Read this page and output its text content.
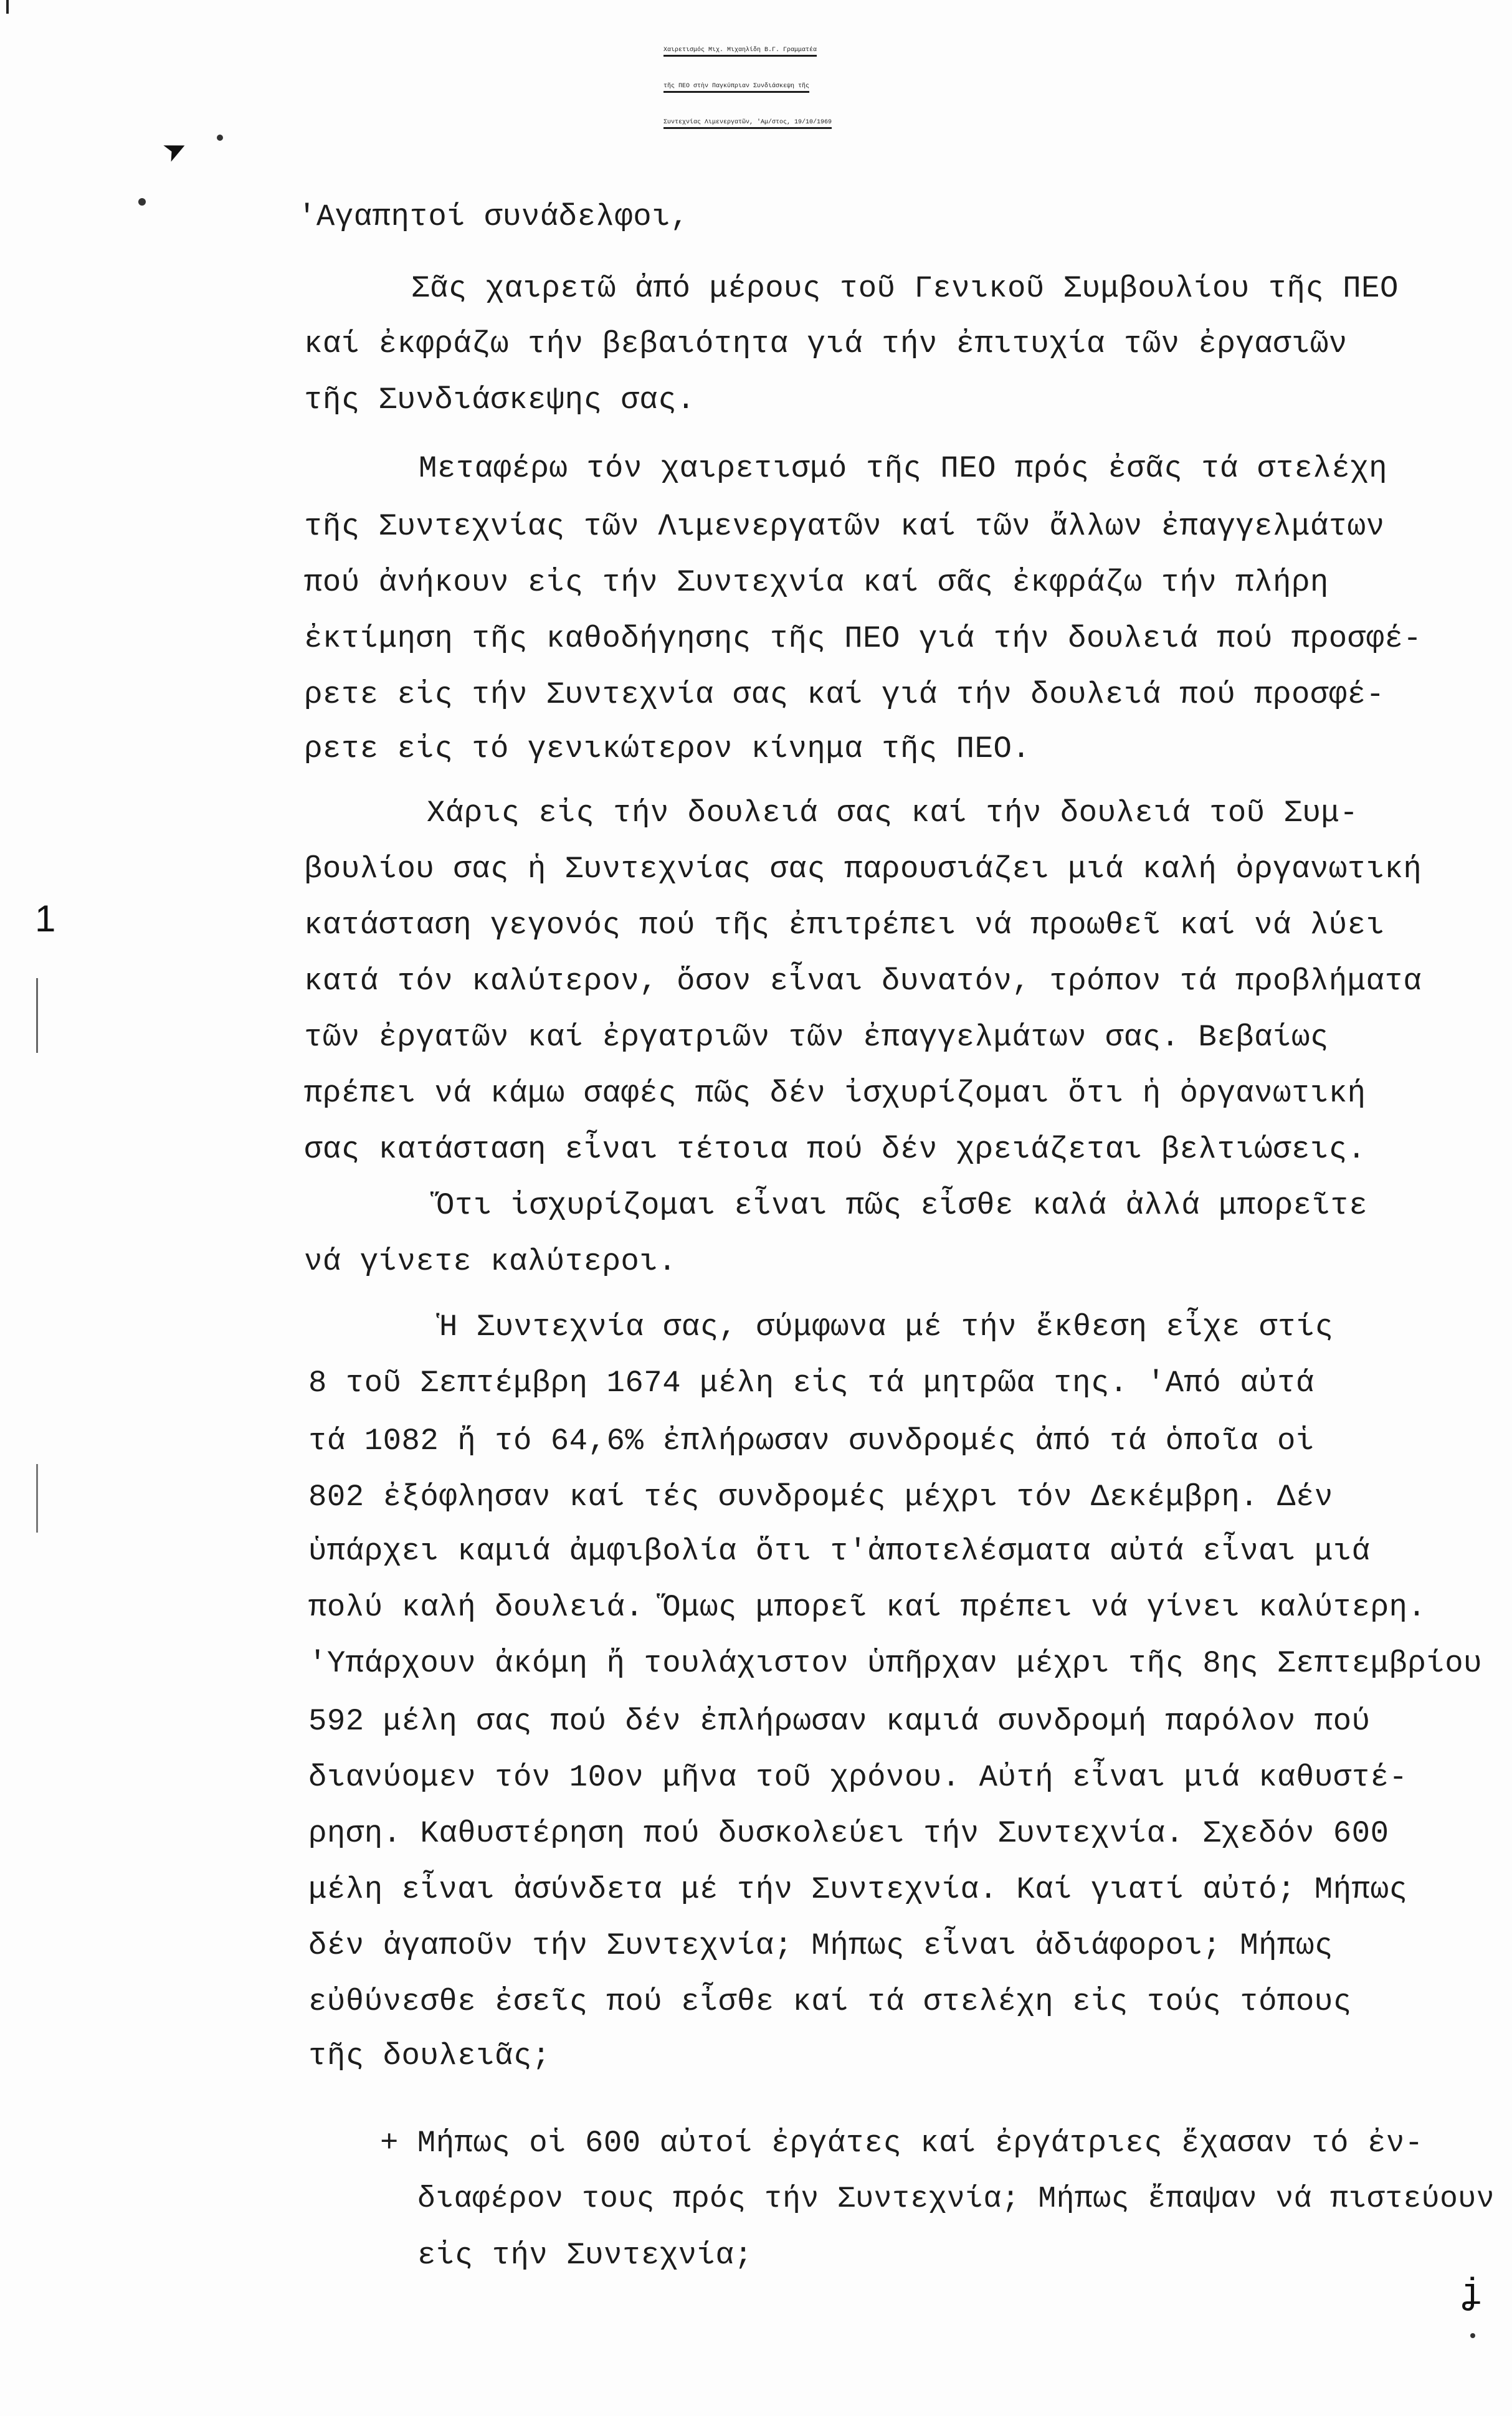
➤
1
ʝ
Χαιρετισμός Μιχ. Μιχαηλίδη Β.Γ. Γραμματέα
τῆς ΠΕΟ στὴν Παγκύπριαν Συνδιάσκεψη τῆς
Συντεχνίας Λιμενεργατῶν, 'Αμ/στος, 19/10/1969
'Αγαπητοί συνάδελφοι,
Σᾶς χαιρετῶ ἀπό μέρους τοῦ Γενικοῦ Συμβουλίου τῆς ΠΕΟ
καί ἐκφράζω τήν βεβαιότητα γιά τήν ἐπιτυχία τῶν ἐργασιῶν
τῆς Συνδιάσκεψης σας.
Μεταφέρω τόν χαιρετισμό τῆς ΠΕΟ πρός ἐσᾶς τά στελέχη
τῆς Συντεχνίας τῶν Λιμενεργατῶν καί τῶν ἄλλων ἐπαγγελμάτων
πού ἀνήκουν εἰς τήν Συντεχνία καί σᾶς ἐκφράζω τήν πλήρη
ἐκτίμηση τῆς καθοδήγησης τῆς ΠΕΟ γιά τήν δουλειά πού προσφέ-
ρετε εἰς τήν Συντεχνία σας καί γιά τήν δουλειά πού προσφέ-
ρετε εἰς τό γενικώτερον κίνημα τῆς ΠΕΟ.
Χάρις εἰς τήν δουλειά σας καί τήν δουλειά τοῦ Συμ-
βουλίου σας ἡ Συντεχνίας σας παρουσιάζει μιά καλή ὀργανωτική
κατάσταση γεγονός πού τῆς ἐπιτρέπει νά προωθεῖ καί νά λύει
κατά τόν καλύτερον, ὅσον εἶναι δυνατόν, τρόπον τά προβλήματα
τῶν ἐργατῶν καί ἐργατριῶν τῶν ἐπαγγελμάτων σας. Βεβαίως
πρέπει νά κάμω σαφές πῶς δέν ἰσχυρίζομαι ὅτι ἡ ὀργανωτική
σας κατάσταση εἶναι τέτοια πού δέν χρειάζεται βελτιώσεις.
Ὅτι ἰσχυρίζομαι εἶναι πῶς εἶσθε καλά ἀλλά μπορεῖτε
νά γίνετε καλύτεροι.
Ἡ Συντεχνία σας, σύμφωνα μέ τήν ἔκθεση εἶχε στίς
8 τοῦ Σεπτέμβρη 1674 μέλη εἰς τά μητρῶα της. 'Από αὐτά
τά 1082 ἤ τό 64,6% ἐπλήρωσαν συνδρομές ἀπό τά ὁποῖα οἱ
802 ἐξόφλησαν καί τές συνδρομές μέχρι τόν Δεκέμβρη. Δέν
ὑπάρχει καμιά ἀμφιβολία ὅτι τ'ἀποτελέσματα αὐτά εἶναι μιά
πολύ καλή δουλειά. Ὅμως μπορεῖ καί πρέπει νά γίνει καλύτερη.
'Υπάρχουν ἀκόμη ἤ τουλάχιστον ὑπῆρχαν μέχρι τῆς 8ης Σεπτεμβρίου
592 μέλη σας πού δέν ἐπλήρωσαν καμιά συνδρομή παρόλον πού
διανύομεν τόν 10ον μῆνα τοῦ χρόνου. Αὐτή εἶναι μιά καθυστέ-
ρηση. Καθυστέρηση πού δυσκολεύει τήν Συντεχνία. Σχεδόν 600
μέλη εἶναι ἀσύνδετα μέ τήν Συντεχνία. Καί γιατί αὐτό; Μήπως
δέν ἀγαποῦν τήν Συντεχνία; Μήπως εἶναι ἀδιάφοροι; Μήπως
εὐθύνεσθε ἐσεῖς πού εἶσθε καί τά στελέχη εἰς τούς τόπους
τῆς δουλειᾶς;
+ Μήπως οἱ 600 αὐτοί ἐργάτες καί ἐργάτριες ἔχασαν τό ἐν-
διαφέρον τους πρός τήν Συντεχνία; Μήπως ἔπαψαν νά πιστεύουν
εἰς τήν Συντεχνία;
